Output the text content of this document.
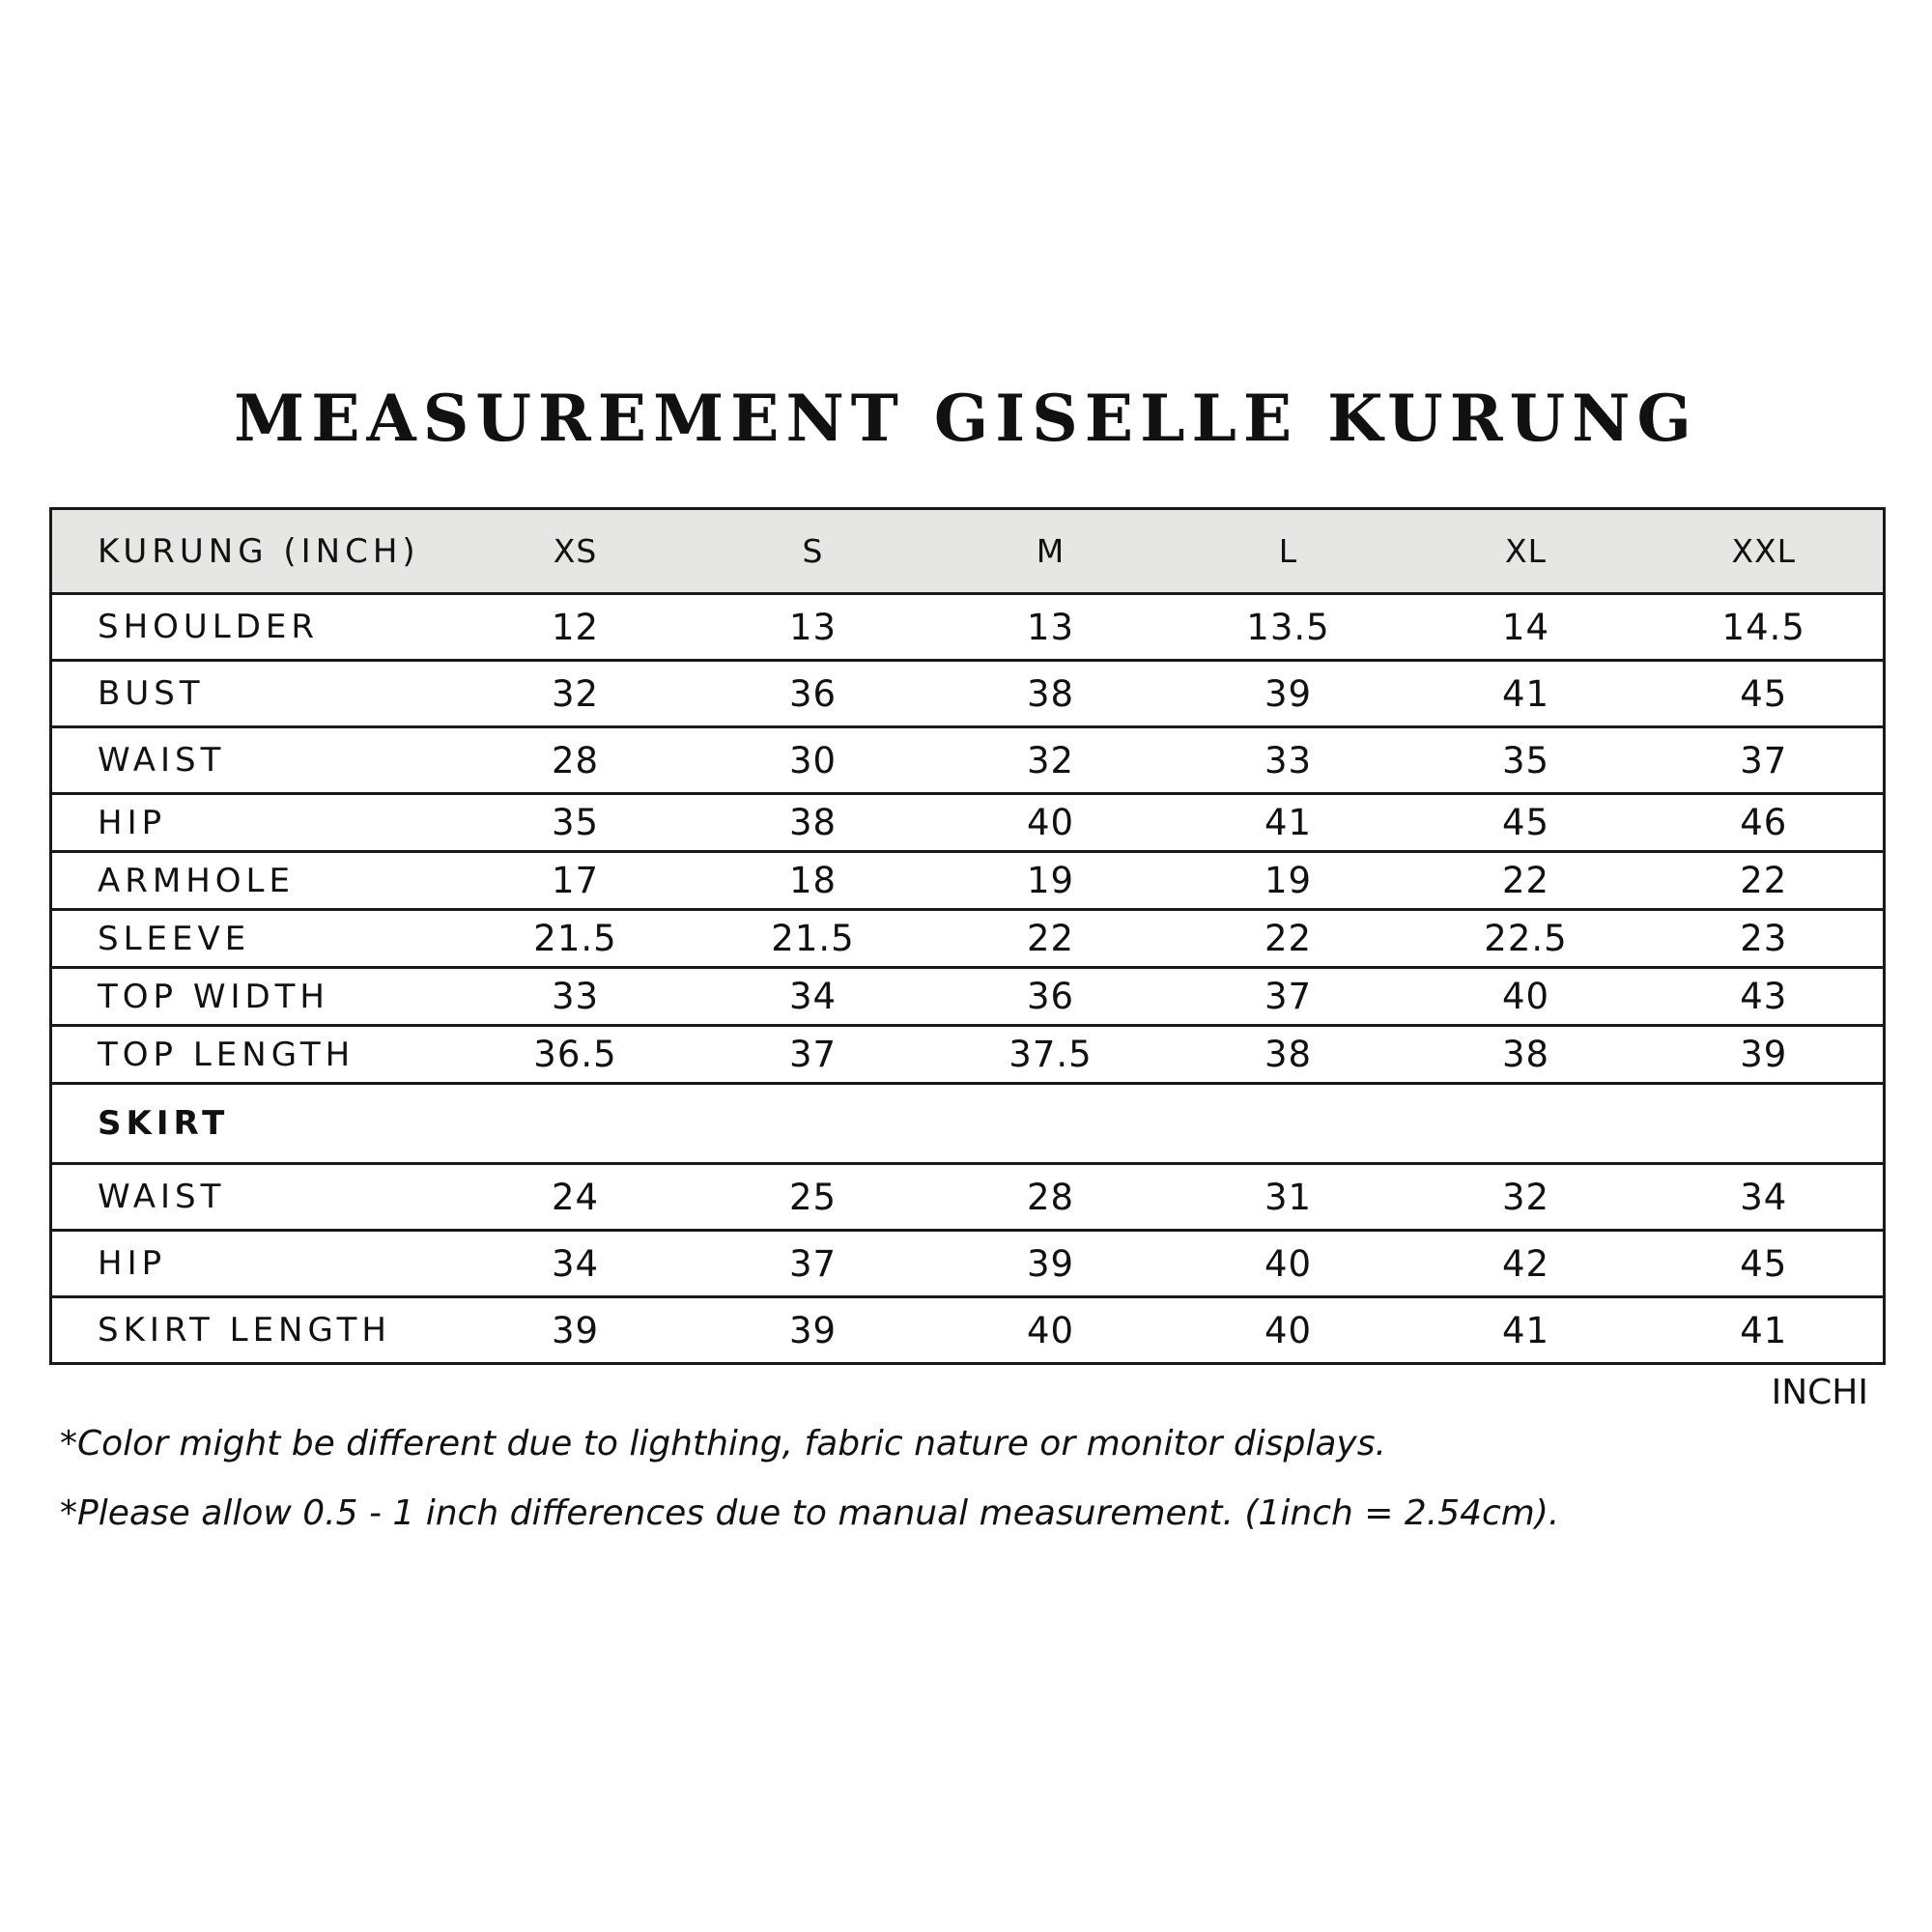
MEASUREMENT GISELLE KURUNG
KURUNG (INCH)	XS	S	M	L	XL	XXL
SHOULDER	12	13	13	13.5	14	14.5
BUST	32	36	38	39	41	45
WAIST	28	30	32	33	35	37
HIP	35	38	40	41	45	46
ARMHOLE	17	18	19	19	22	22
SLEEVE	21.5	21.5	22	22	22.5	23
TOP WIDTH	33	34	36	37	40	43
TOP LENGTH	36.5	37	37.5	38	38	39
SKIRT						
WAIST	24	25	28	31	32	34
HIP	34	37	39	40	42	45
SKIRT LENGTH	39	39	40	40	41	41
INCHI
*Color might be different due to lighthing, fabric nature or monitor displays.
*Please allow 0.5 - 1 inch differences due to manual measurement. (1inch = 2.54cm).
